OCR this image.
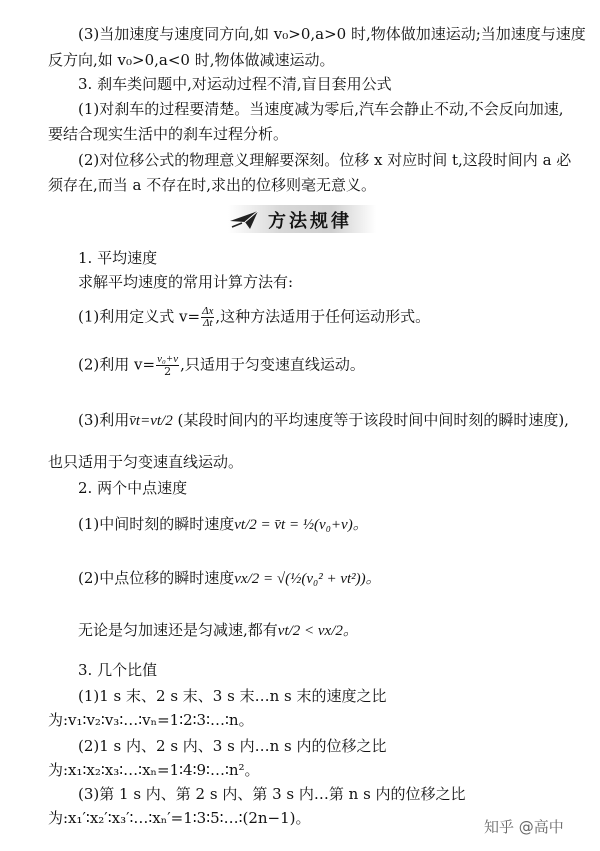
(3)当加速度与速度同方向,如 v₀>0,a>0 时,物体做加速运动;当加速度与速度
反方向,如 v₀>0,a<0 时,物体做减速运动。
3. 刹车类问题中,对运动过程不清,盲目套用公式
(1)对刹车的过程要清楚。当速度减为零后,汽车会静止不动,不会反向加速,
要结合现实生活中的刹车过程分析。
(2)对位移公式的物理意义理解要深刻。位移 x 对应时间 t,这段时间内 a 必
须存在,而当 a 不存在时,求出的位移则毫无意义。
方法规律
1. 平均速度
求解平均速度的常用计算方法有:
(1)利用定义式 $v= \frac{\Delta x}{\Delta t}$ ,这种方法适用于任何运动形式。
(2)利用 $v= \frac{\text{v₀+v}}{2}$ ,只适用于匀变速直线运动。
(3)利用v̄t=vt/2 (某段时间内的平均速度等于该段时间中间时刻的瞬时速度),
也只适用于匀变速直线运动。
2. 两个中点速度
(1)中间时刻的瞬时速度vt/2 = v̄t = ½(v₀+v)。
(2)中点位移的瞬时速度vx/2 = √(½(v₀² + vt²))。
无论是匀加速还是匀减速,都有vt/2 < vx/2。
3. 几个比值
(1)1 s 末、2 s 末、3 s 末…n s 末的速度之比
为:v₁∶v₂∶v₃∶…∶vₙ=1∶2∶3∶…∶n。
(2)1 s 内、2 s 内、3 s 内…n s 内的位移之比
为:x₁∶x₂∶x₃∶…∶xₙ=1∶4∶9∶…∶n²。
(3)第 1 s 内、第 2 s 内、第 3 s 内…第 n s 内的位移之比
为:x₁′∶x₂′∶x₃′∶…∶xₙ′=1∶3∶5∶…∶(2n−1)。	知乎 @高中
